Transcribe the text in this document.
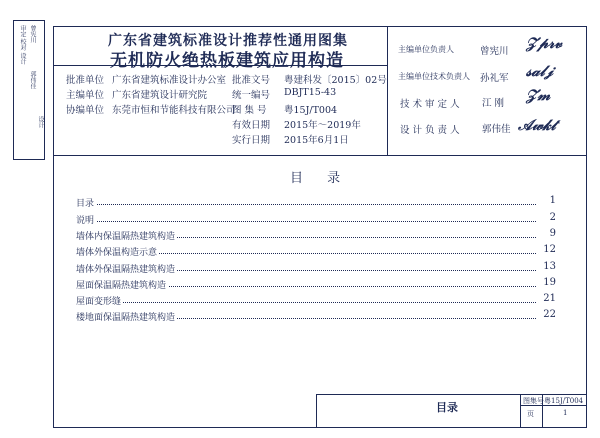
审定 校对 设计 曾宪川
郭伟佳
设计
广东省建筑标准设计推荐性通用图集
无机防火绝热板建筑应用构造
批准单位 广东省建筑标准设计办公室
主编单位 广东省建筑设计研究院
协编单位 东莞市恒和节能科技有限公司
批准文号 粤建科发〔2015〕02号
统一编号 DBJT15-43
图 集 号 粤15J/T004
有效日期 2015年～2019年
实行日期 2015年6月1日
主编单位负责人	曾宪川 𝒵𝓅𝓇𝓋
主编单位技术负责人 孙礼军 𝓈𝒶𝓁𝒿
技 术 审 定 人 江 刚 𝒵𝓂
设 计 负 责 人 郭伟佳 𝒜𝓌𝓀𝓉
目 录
目录	1
说明	2
墙体内保温隔热建筑构造	9
墙体外保温构造示意	12
墙体外保温隔热建筑构造	13
屋面保温隔热建筑构造	19
屋面变形缝	21
楼地面保温隔热建筑构造	22
目录	图集号 粤15J/T004
页	1
